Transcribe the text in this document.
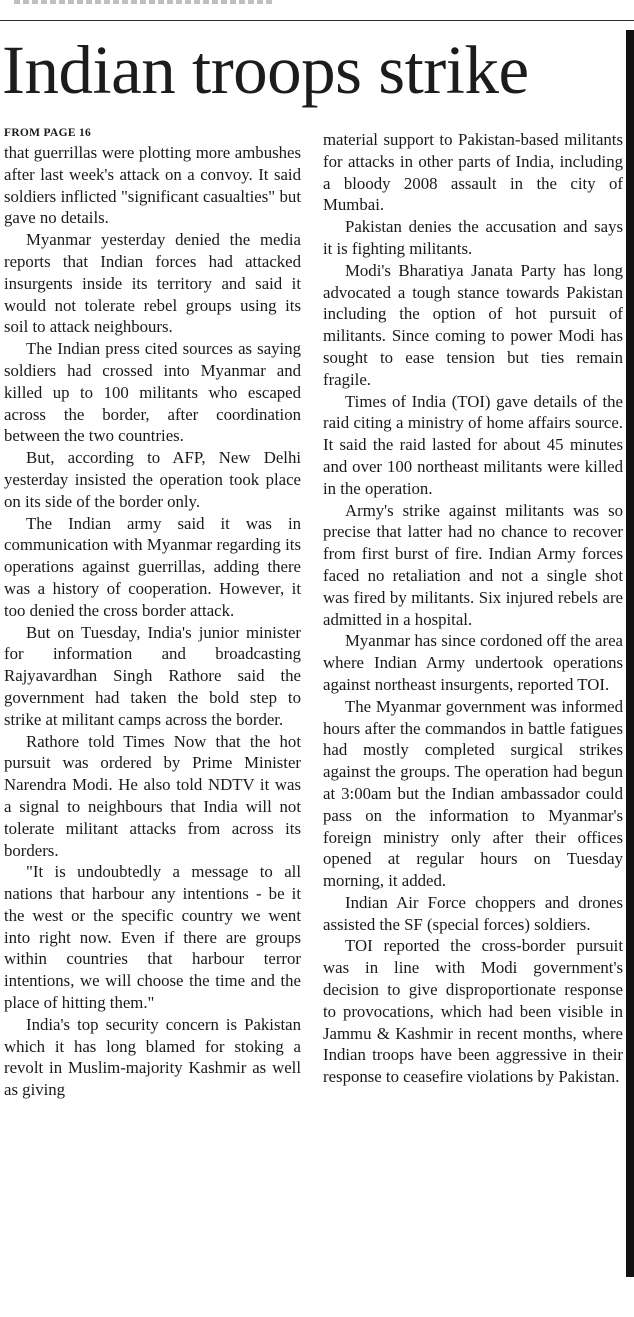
Indian troops strike
FROM PAGE 16

that guerrillas were plotting more ambushes after last week's attack on a convoy. It said soldiers inflicted "significant casualties" but gave no details.

Myanmar yesterday denied the media reports that Indian forces had attacked insurgents inside its territory and said it would not tolerate rebel groups using its soil to attack neighbours.

The Indian press cited sources as saying soldiers had crossed into Myanmar and killed up to 100 militants who escaped across the border, after coordination between the two countries.

But, according to AFP, New Delhi yesterday insisted the operation took place on its side of the border only.

The Indian army said it was in communication with Myanmar regarding its operations against guerrillas, adding there was a history of cooperation. However, it too denied the cross border attack.

But on Tuesday, India's junior minister for information and broadcasting Rajyavardhan Singh Rathore said the government had taken the bold step to strike at militant camps across the border.

Rathore told Times Now that the hot pursuit was ordered by Prime Minister Narendra Modi. He also told NDTV it was a signal to neighbours that India will not tolerate militant attacks from across its borders.

"It is undoubtedly a message to all nations that harbour any intentions - be it the west or the specific country we went into right now. Even if there are groups within countries that harbour terror intentions, we will choose the time and the place of hitting them."

India's top security concern is Pakistan which it has long blamed for stoking a revolt in Muslim-majority Kashmir as well as giving

material support to Pakistan-based militants for attacks in other parts of India, including a bloody 2008 assault in the city of Mumbai.

Pakistan denies the accusation and says it is fighting militants.

Modi's Bharatiya Janata Party has long advocated a tough stance towards Pakistan including the option of hot pursuit of militants. Since coming to power Modi has sought to ease tension but ties remain fragile.

Times of India (TOI) gave details of the raid citing a ministry of home affairs source. It said the raid lasted for about 45 minutes and over 100 northeast militants were killed in the operation.

Army's strike against militants was so precise that latter had no chance to recover from first burst of fire. Indian Army forces faced no retaliation and not a single shot was fired by militants. Six injured rebels are admitted in a hospital.

Myanmar has since cordoned off the area where Indian Army undertook operations against northeast insurgents, reported TOI.

The Myanmar government was informed hours after the commandos in battle fatigues had mostly completed surgical strikes against the groups. The operation had begun at 3:00am but the Indian ambassador could pass on the information to Myanmar's foreign ministry only after their offices opened at regular hours on Tuesday morning, it added.

Indian Air Force choppers and drones assisted the SF (special forces) soldiers.

TOI reported the cross-border pursuit was in line with Modi government's decision to give disproportionate response to provocations, which had been visible in Jammu & Kashmir in recent months, where Indian troops have been aggressive in their response to ceasefire violations by Pakistan.
